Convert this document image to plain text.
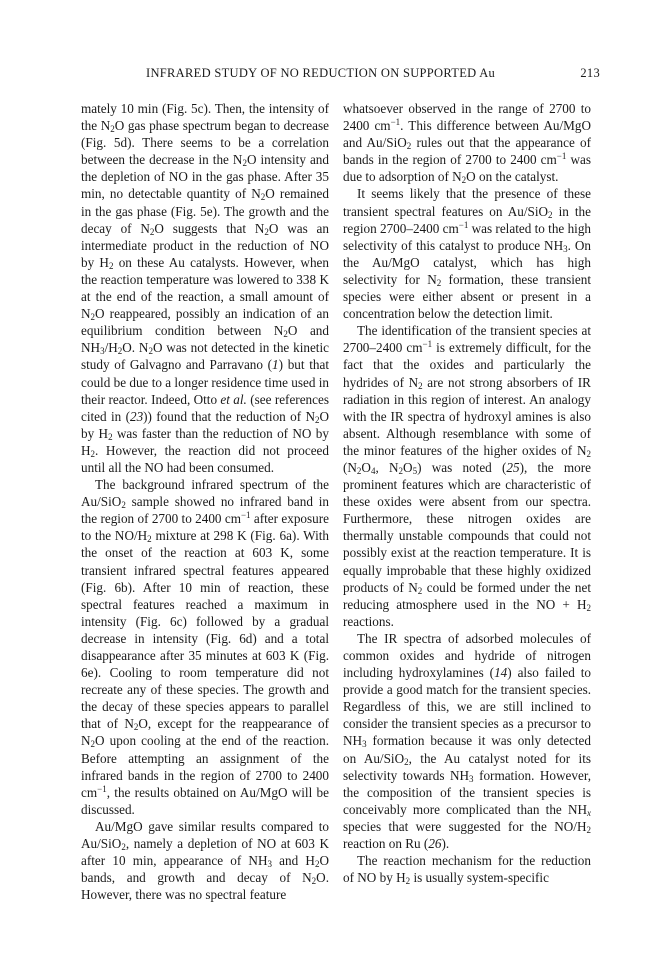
INFRARED STUDY OF NO REDUCTION ON SUPPORTED Au	213

mately 10 min (Fig. 5c). Then, the intensity of the $N_2O$ gas phase spectrum began to decrease (Fig. 5d). There seems to be a correlation between the decrease in the $N_2O$ intensity and the depletion of NO in the gas phase. After 35 min, no detectable quantity of $N_2O$ remained in the gas phase (Fig. 5e). The growth and the decay of $N_2O$ suggests that $N_2O$ was an intermediate product in the reduction of NO by $H_2$ on these Au catalysts. However, when the reaction temperature was lowered to 338 K at the end of the reaction, a small amount of $N_2O$ reappeared, possibly an indication of an equilibrium condition between $N_2O$ and $NH_3/H_2O$. $N_2O$ was not detected in the kinetic study of Galvagno and Parravano (1) but that could be due to a longer residence time used in their reactor. Indeed, Otto et al. (see references cited in (23)) found that the reduction of $N_2O$ by $H_2$ was faster than the reduction of NO by $H_2$. However, the reaction did not proceed until all the NO had been consumed.

The background infrared spectrum of the Au/SiO$_2$ sample showed no infrared band in the region of 2700 to 2400 $cm^{-1}$ after exposure to the $NO/H_2$ mixture at 298 K (Fig. 6a). With the onset of the reaction at 603 K, some transient infrared spectral features appeared (Fig. 6b). After 10 min of reaction, these spectral features reached a maximum in intensity (Fig. 6c) followed by a gradual decrease in intensity (Fig. 6d) and a total disappearance after 35 minutes at 603 K (Fig. 6e). Cooling to room temperature did not recreate any of these species. The growth and the decay of these species appears to parallel that of $N_2O$, except for the reappearance of $N_2O$ upon cooling at the end of the reaction. Before attempting an assignment of the infrared bands in the region of 2700 to 2400 $cm^{-1}$, the results obtained on Au/MgO will be discussed.

Au/MgO gave similar results compared to Au/SiO$_2$, namely a depletion of NO at 603 K after 10 min, appearance of $NH_3$ and $H_2O$ bands, and growth and decay of $N_2O$. However, there was no spectral feature

whatsoever observed in the range of 2700 to 2400 $cm^{-1}$. This difference between Au/MgO and Au/SiO$_2$ rules out that the appearance of bands in the region of 2700 to 2400 $cm^{-1}$ was due to adsorption of $N_2O$ on the catalyst.

It seems likely that the presence of these transient spectral features on Au/SiO$_2$ in the region 2700–2400 $cm^{-1}$ was related to the high selectivity of this catalyst to produce $NH_3$. On the Au/MgO catalyst, which has high selectivity for $N_2$ formation, these transient species were either absent or present in a concentration below the detection limit.

The identification of the transient species at 2700–2400 $cm^{-1}$ is extremely difficult, for the fact that the oxides and particularly the hydrides of $N_2$ are not strong absorbers of IR radiation in this region of interest. An analogy with the IR spectra of hydroxyl amines is also absent. Although resemblance with some of the minor features of the higher oxides of $N_2$ ($N_2O_4$, $N_2O_5$) was noted (25), the more prominent features which are characteristic of these oxides were absent from our spectra. Furthermore, these nitrogen oxides are thermally unstable compounds that could not possibly exist at the reaction temperature. It is equally improbable that these highly oxidized products of $N_2$ could be formed under the net reducing atmosphere used in the NO + $H_2$ reactions.

The IR spectra of adsorbed molecules of common oxides and hydride of nitrogen including hydroxylamines (14) also failed to provide a good match for the transient species. Regardless of this, we are still inclined to consider the transient species as a precursor to $NH_3$ formation because it was only detected on Au/SiO$_2$, the Au catalyst noted for its selectivity towards $NH_3$ formation. However, the composition of the transient species is conceivably more complicated than the $NH_x$ species that were suggested for the $NO/H_2$ reaction on Ru (26).

The reaction mechanism for the reduction of NO by $H_2$ is usually system-specific
